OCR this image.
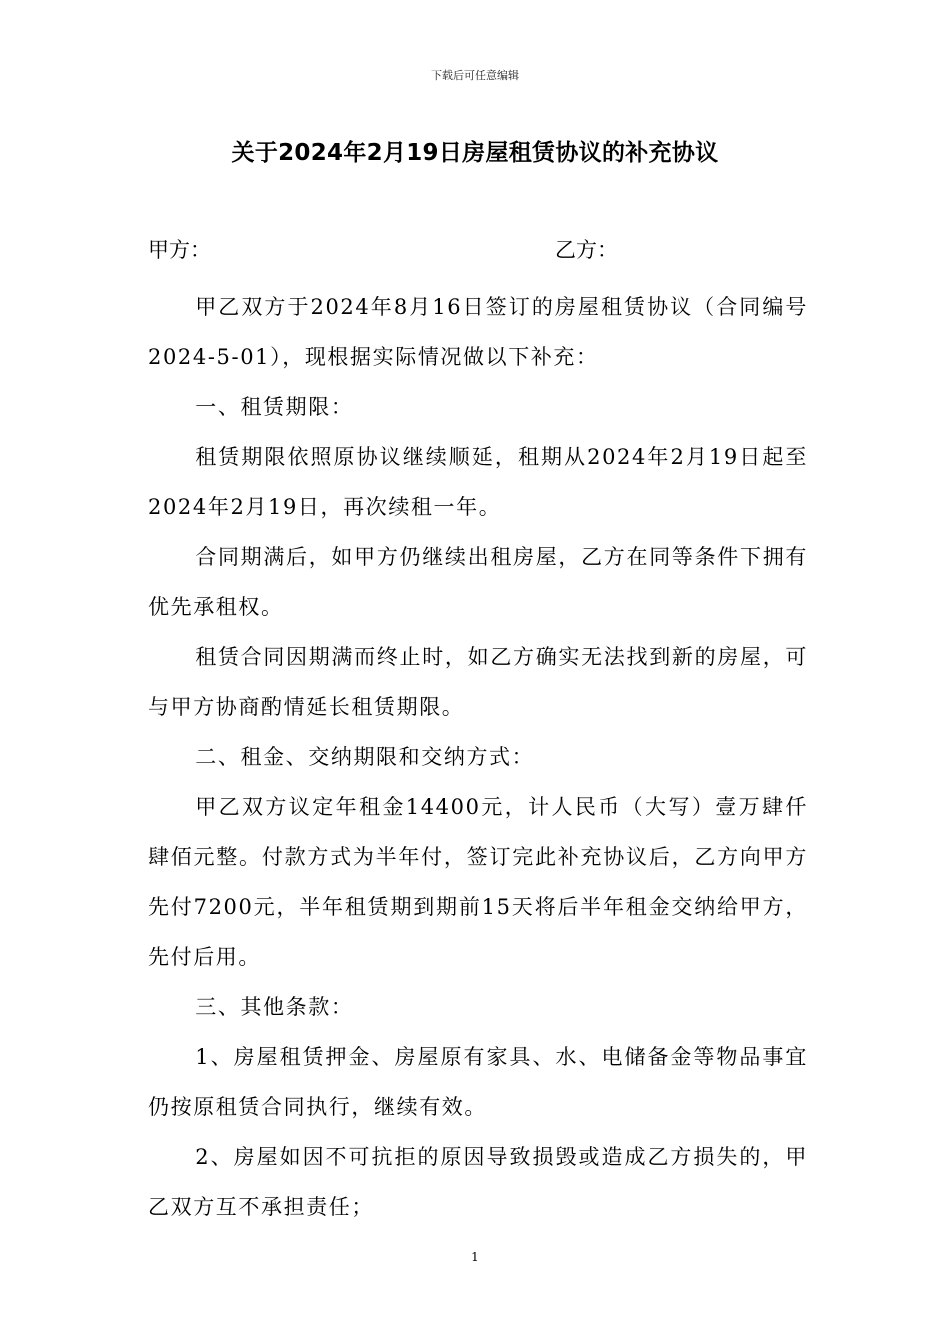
下载后可任意编辑
关于2024年2月19日房屋租赁协议的补充协议
甲方：	乙方：

甲乙双方于2024年8月16日签订的房屋租赁协议（合同编号2024-5-01），现根据实际情况做以下补充：

一、租赁期限：

租赁期限依照原协议继续顺延，租期从2024年2月19日起至2024年2月19日，再次续租一年。

合同期满后，如甲方仍继续出租房屋，乙方在同等条件下拥有优先承租权。

租赁合同因期满而终止时，如乙方确实无法找到新的房屋，可与甲方协商酌情延长租赁期限。

二、租金、交纳期限和交纳方式：

甲乙双方议定年租金14400元，计人民币（大写）壹万肆仟肆佰元整。付款方式为半年付，签订完此补充协议后，乙方向甲方先付7200元，半年租赁期到期前15天将后半年租金交纳给甲方，先付后用。

三、其他条款：

1、房屋租赁押金、房屋原有家具、水、电储备金等物品事宜仍按原租赁合同执行，继续有效。

2、房屋如因不可抗拒的原因导致损毁或造成乙方损失的，甲乙双方互不承担责任；

1
